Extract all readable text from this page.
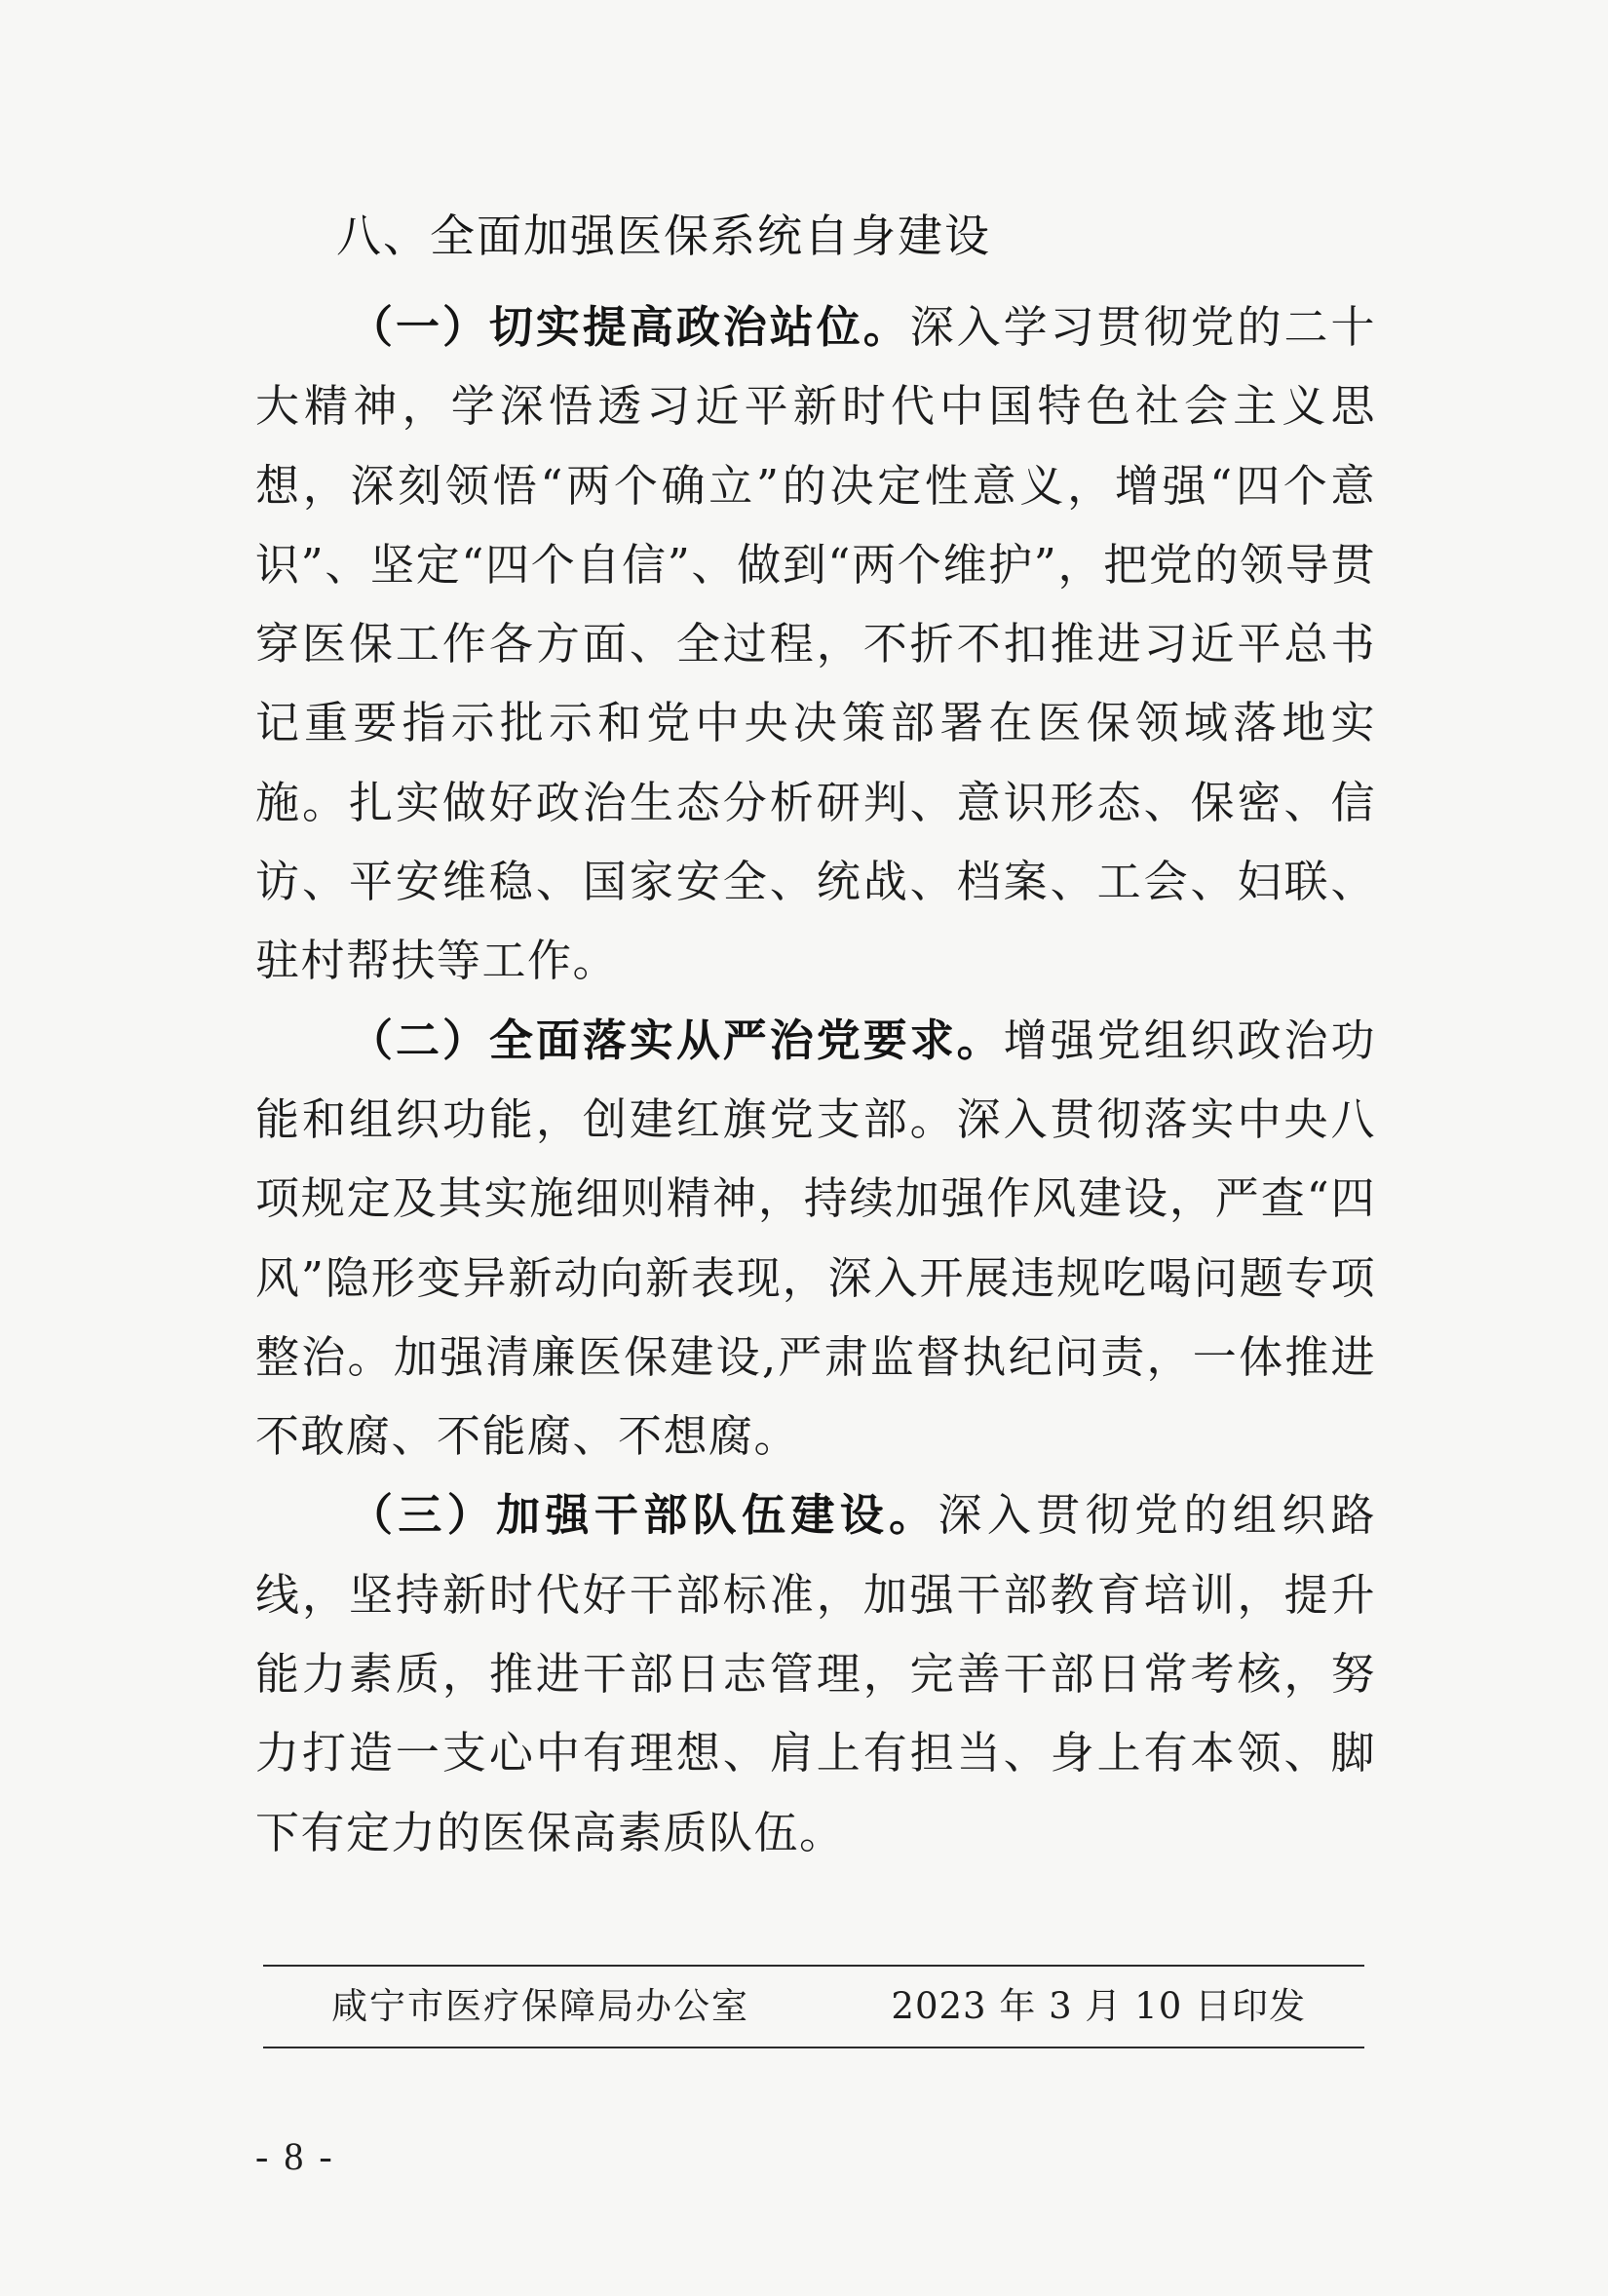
八、全面加强医保系统自身建设

（一）切实提高政治站位。深入学习贯彻党的二十大精神，学深悟透习近平新时代中国特色社会主义思想，深刻领悟“两个确立”的决定性意义，增强“四个意识”、坚定“四个自信”、做到“两个维护”，把党的领导贯穿医保工作各方面、全过程，不折不扣推进习近平总书记重要指示批示和党中央决策部署在医保领域落地实施。扎实做好政治生态分析研判、意识形态、保密、信访、平安维稳、国家安全、统战、档案、工会、妇联、驻村帮扶等工作。

（二）全面落实从严治党要求。增强党组织政治功能和组织功能，创建红旗党支部。深入贯彻落实中央八项规定及其实施细则精神，持续加强作风建设，严查“四风”隐形变异新动向新表现，深入开展违规吃喝问题专项整治。加强清廉医保建设,严肃监督执纪问责，一体推进不敢腐、不能腐、不想腐。

（三）加强干部队伍建设。深入贯彻党的组织路线，坚持新时代好干部标准，加强干部教育培训，提升能力素质，推进干部日志管理，完善干部日常考核，努力打造一支心中有理想、肩上有担当、身上有本领、脚下有定力的医保高素质队伍。

咸宁市医疗保障局办公室	2023 年 3 月 10 日印发
- 8 -
